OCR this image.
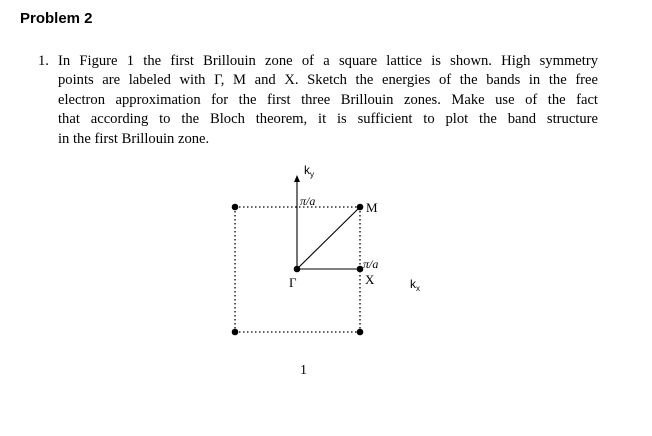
Problem 2
1. In Figure 1 the first Brillouin zone of a square lattice is shown. High symmetry
points are labeled with Γ, M and X. Sketch the energies of the bands in the free
electron approximation for the first three Brillouin zones. Make use of the fact
that according to the Bloch theorem, it is sufficient to plot the band structure
in the first Brillouin zone.
$k_y$
π/a	M
π/a
X
Γ	$k_x$
1
